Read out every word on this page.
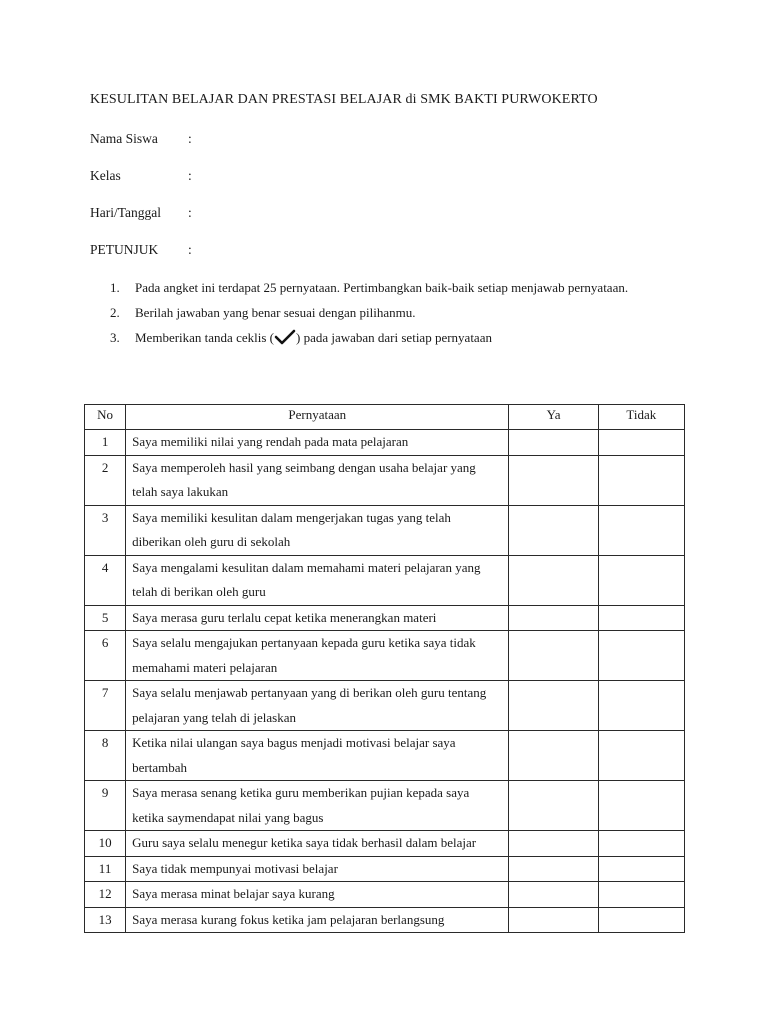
KESULITAN BELAJAR DAN PRESTASI BELAJAR di SMK BAKTI PURWOKERTO
Nama Siswa :
Kelas	:
Hari/Tanggal :
PETUNJUK :
1. Pada angket ini terdapat 25 pernyataan. Pertimbangkan baik-baik setiap menjawab pernyataan.
2. Berilah jawaban yang benar sesuai dengan pilihanmu.
3. Memberikan tanda ceklis ( ) pada jawaban dari setiap pernyataan
No	Pernyataan	Ya	Tidak
1	Saya memiliki nilai yang rendah pada mata pelajaran		
2	Saya memperoleh hasil yang seimbang dengan usaha belajar yang telah saya lakukan		
3	Saya memiliki kesulitan dalam mengerjakan tugas yang telah diberikan oleh guru di sekolah		
4	Saya mengalami kesulitan dalam memahami materi pelajaran yang telah di berikan oleh guru		
5	Saya merasa guru terlalu cepat ketika menerangkan materi		
6	Saya selalu mengajukan pertanyaan kepada guru ketika saya tidak memahami materi pelajaran		
7	Saya selalu menjawab pertanyaan yang di berikan oleh guru tentang pelajaran yang telah di jelaskan		
8	Ketika nilai ulangan saya bagus menjadi motivasi belajar saya bertambah		
9	Saya merasa senang ketika guru memberikan pujian kepada saya ketika saymendapat nilai yang bagus		
10	Guru saya selalu menegur ketika saya tidak berhasil dalam belajar		
11	Saya tidak mempunyai motivasi belajar		
12	Saya merasa minat belajar saya kurang		
13	Saya merasa kurang fokus ketika jam pelajaran berlangsung		
